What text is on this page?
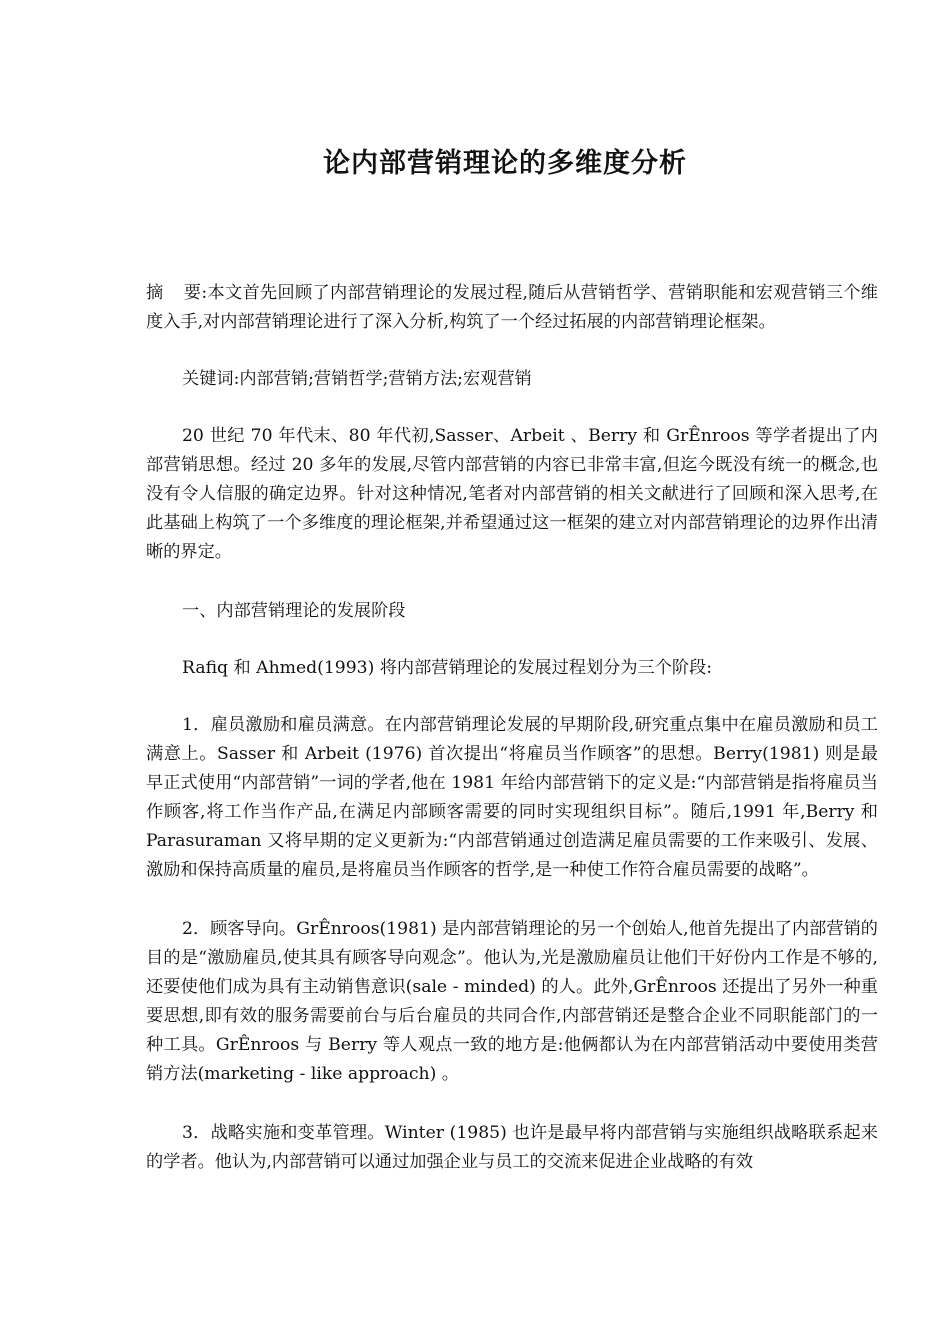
论内部营销理论的多维度分析

摘 要:本文首先回顾了内部营销理论的发展过程,随后从营销哲学、营销职能和宏观营销三个维度入手,对内部营销理论进行了深入分析,构筑了一个经过拓展的内部营销理论框架。

关键词:内部营销;营销哲学;营销方法;宏观营销

20 世纪 70 年代末、80 年代初,Sasser、Arbeit 、Berry 和 GrÊnroos 等学者提出了内部营销思想。经过 20 多年的发展,尽管内部营销的内容已非常丰富,但迄今既没有统一的概念,也没有令人信服的确定边界。针对这种情况,笔者对内部营销的相关文献进行了回顾和深入思考,在此基础上构筑了一个多维度的理论框架,并希望通过这一框架的建立对内部营销理论的边界作出清晰的界定。

一、内部营销理论的发展阶段

Rafiq 和 Ahmed(1993) 将内部营销理论的发展过程划分为三个阶段:

1．雇员激励和雇员满意。在内部营销理论发展的早期阶段,研究重点集中在雇员激励和员工满意上。Sasser 和 Arbeit (1976) 首次提出“将雇员当作顾客”的思想。Berry(1981) 则是最早正式使用“内部营销”一词的学者,他在 1981 年给内部营销下的定义是:“内部营销是指将雇员当作顾客,将工作当作产品,在满足内部顾客需要的同时实现组织目标”。随后,1991 年,Berry 和 Parasuraman 又将早期的定义更新为:“内部营销通过创造满足雇员需要的工作来吸引、发展、激励和保持高质量的雇员,是将雇员当作顾客的哲学,是一种使工作符合雇员需要的战略”。

2．顾客导向。GrÊnroos(1981) 是内部营销理论的另一个创始人,他首先提出了内部营销的目的是“激励雇员,使其具有顾客导向观念”。他认为,光是激励雇员让他们干好份内工作是不够的,还要使他们成为具有主动销售意识(sale - minded) 的人。此外,GrÊnroos 还提出了另外一种重要思想,即有效的服务需要前台与后台雇员的共同合作,内部营销还是整合企业不同职能部门的一种工具。GrÊnroos 与 Berry 等人观点一致的地方是:他俩都认为在内部营销活动中要使用类营销方法(marketing - like approach) 。

3．战略实施和变革管理。Winter (1985) 也许是最早将内部营销与实施组织战略联系起来的学者。他认为,内部营销可以通过加强企业与员工的交流来促进企业战略的有效
